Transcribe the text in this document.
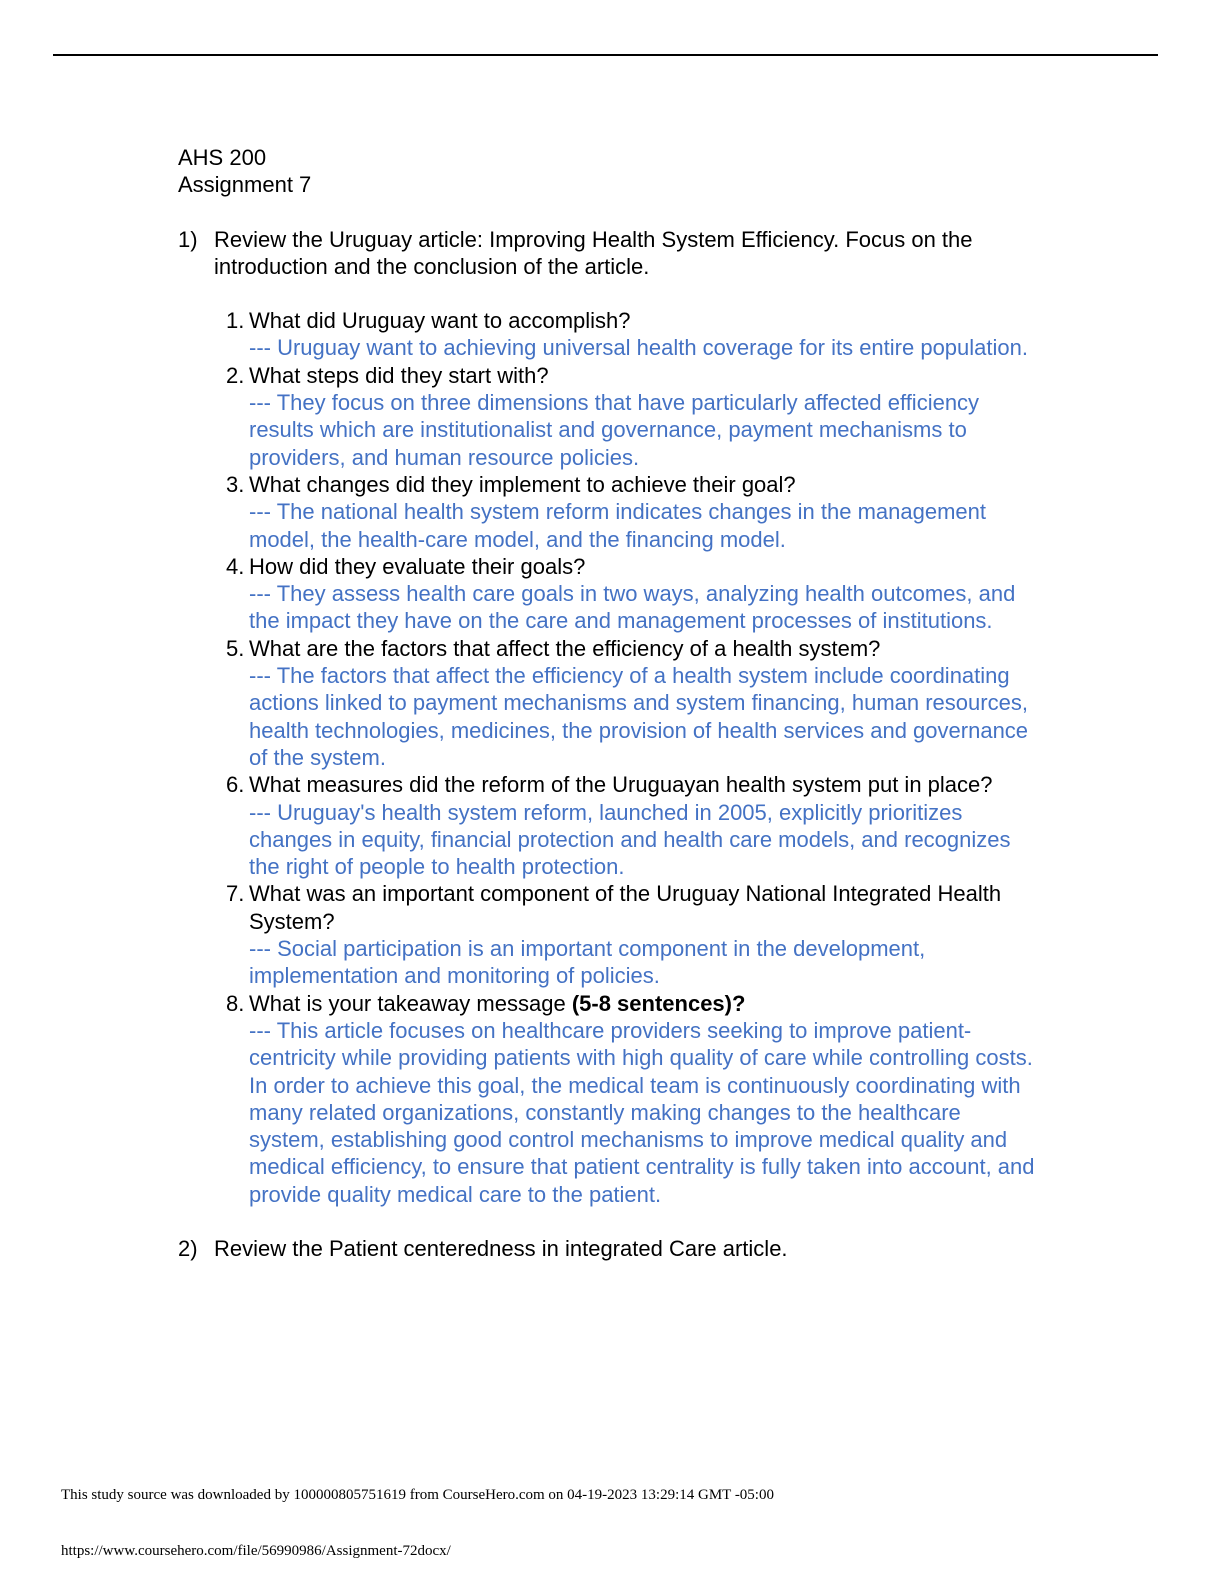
AHS 200

Assignment 7

1) Review the Uruguay article: Improving Health System Efficiency. Focus on the introduction and the conclusion of the article.
1. What did Uruguay want to accomplish?

--- Uruguay want to achieving universal health coverage for its entire population.

2. What steps did they start with?

--- They focus on three dimensions that have particularly affected efficiency results which are institutionalist and governance, payment mechanisms to providers, and human resource policies.

3. What changes did they implement to achieve their goal?

--- The national health system reform indicates changes in the management model, the health-care model, and the financing model.

4. How did they evaluate their goals?

--- They assess health care goals in two ways, analyzing health outcomes, and the impact they have on the care and management processes of institutions.

5. What are the factors that affect the efficiency of a health system?

--- The factors that affect the efficiency of a health system include coordinating actions linked to payment mechanisms and system financing, human resources, health technologies, medicines, the provision of health services and governance of the system.

6. What measures did the reform of the Uruguayan health system put in place?

--- Uruguay's health system reform, launched in 2005, explicitly prioritizes changes in equity, financial protection and health care models, and recognizes the right of people to health protection.

7. What was an important component of the Uruguay National Integrated Health System?

--- Social participation is an important component in the development, implementation and monitoring of policies.

8. What is your takeaway message (5-8 sentences)?

--- This article focuses on healthcare providers seeking to improve patient-centricity while providing patients with high quality of care while controlling costs. In order to achieve this goal, the medical team is continuously coordinating with many related organizations, constantly making changes to the healthcare system, establishing good control mechanisms to improve medical quality and medical efficiency, to ensure that patient centrality is fully taken into account, and provide quality medical care to the patient.

2) Review the Patient centeredness in integrated Care article.
This study source was downloaded by 100000805751619 from CourseHero.com on 04-19-2023 13:29:14 GMT -05:00
https://www.coursehero.com/file/56990986/Assignment-72docx/
